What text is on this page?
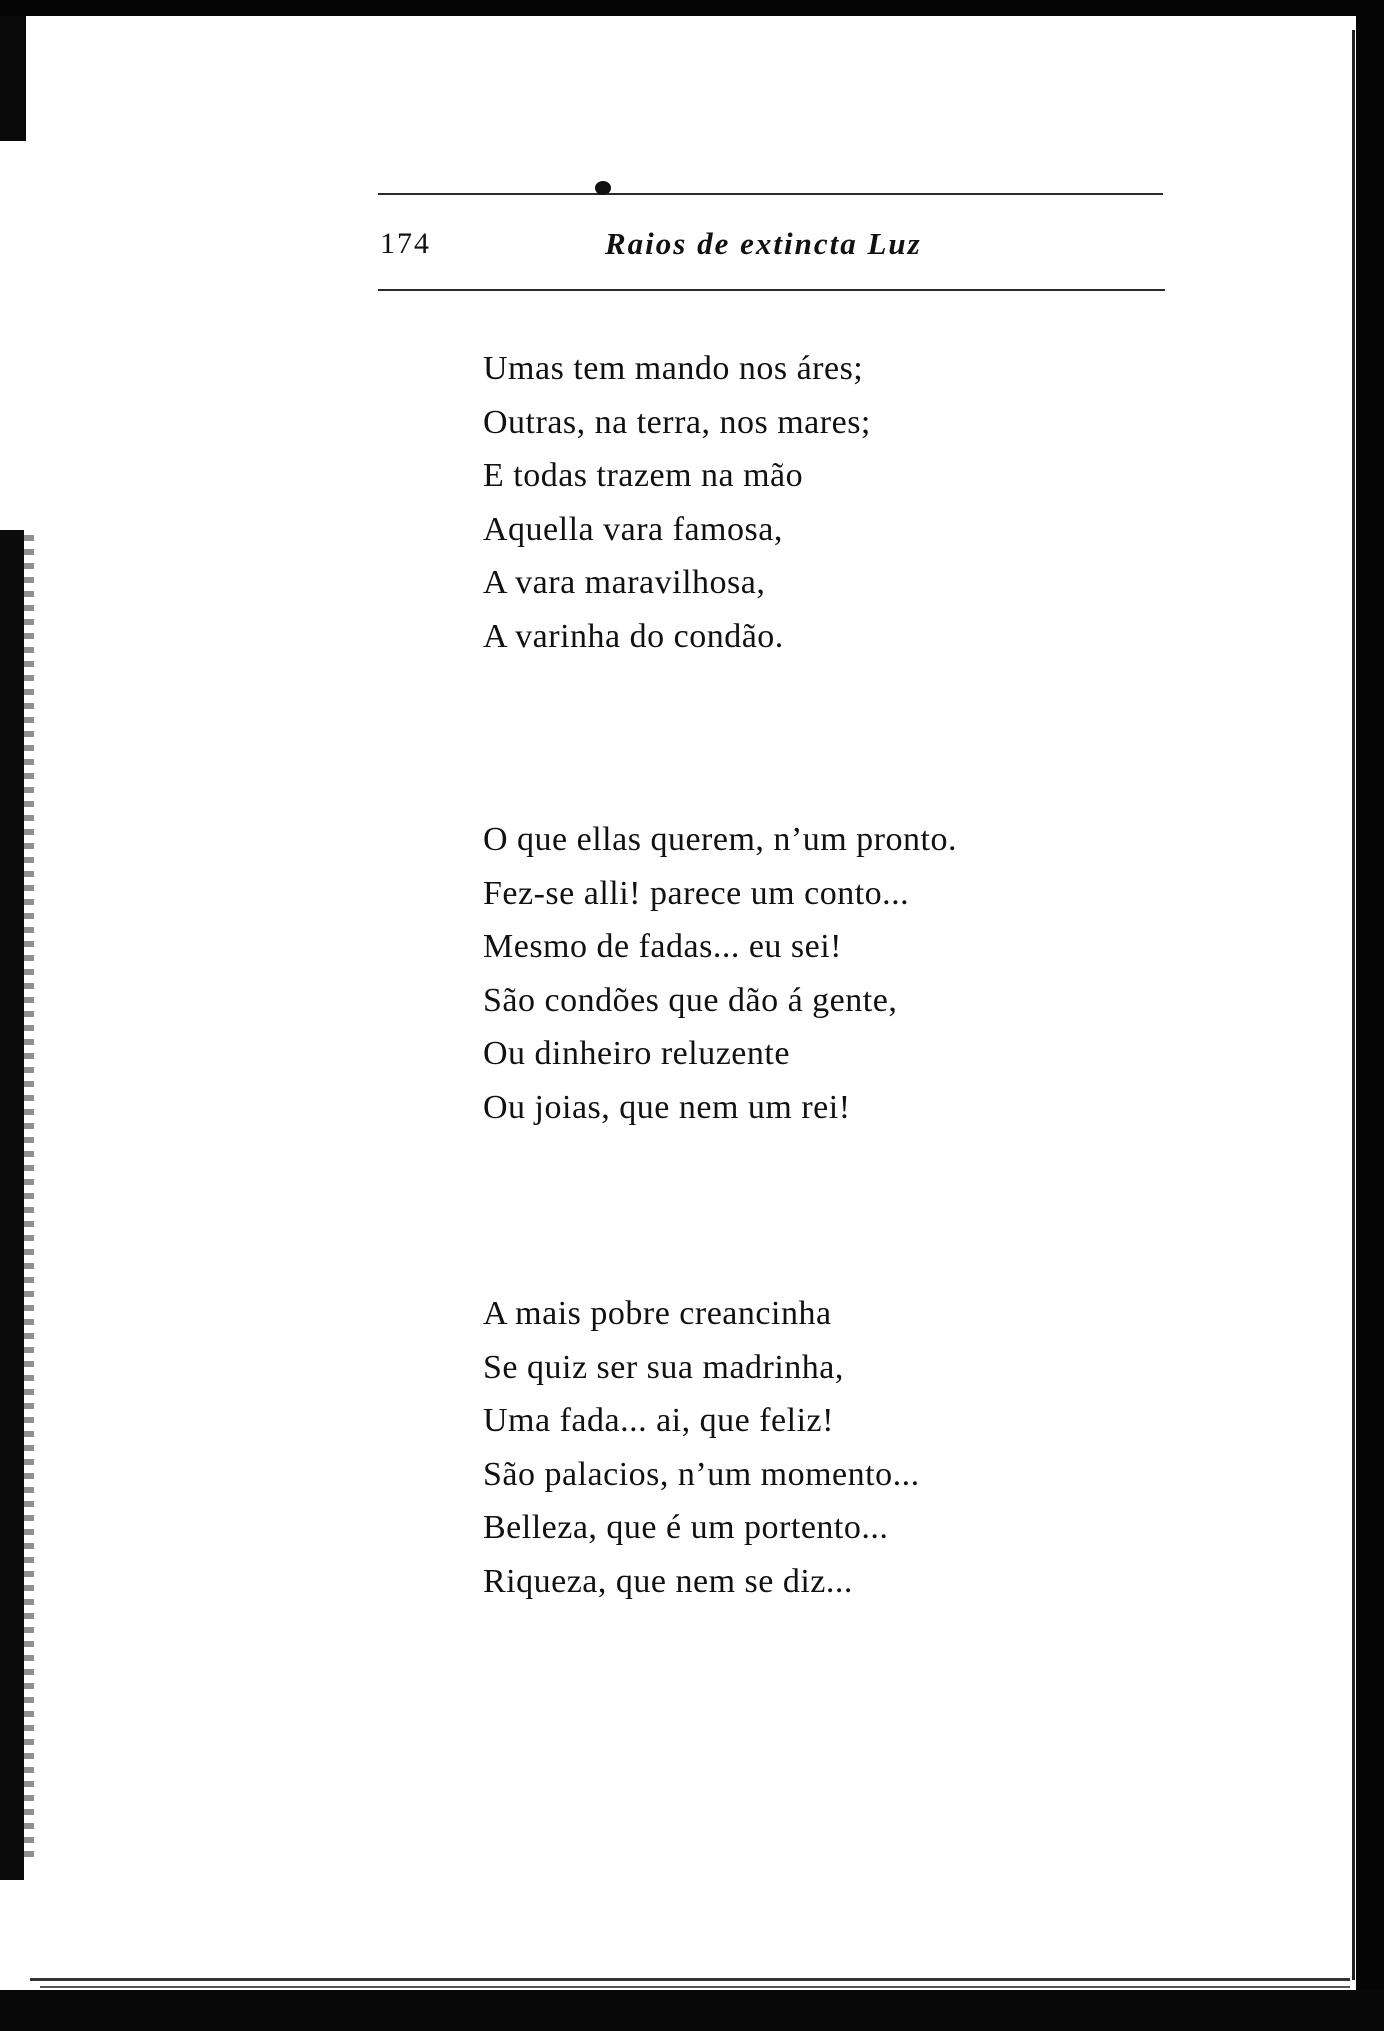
174	Raios de extincta Luz
Umas tem mando nos áres;
Outras, na terra, nos mares;
E todas trazem na mão
Aquella vara famosa,
A vara maravilhosa,
A varinha do condão.
O que ellas querem, n’um pronto.
Fez-se alli! parece um conto...
Mesmo de fadas... eu sei!
São condões que dão á gente,
Ou dinheiro reluzente
Ou joias, que nem um rei!
A mais pobre creancinha
Se quiz ser sua madrinha,
Uma fada... ai, que feliz!
São palacios, n’um momento...
Belleza, que é um portento...
Riqueza, que nem se diz...
